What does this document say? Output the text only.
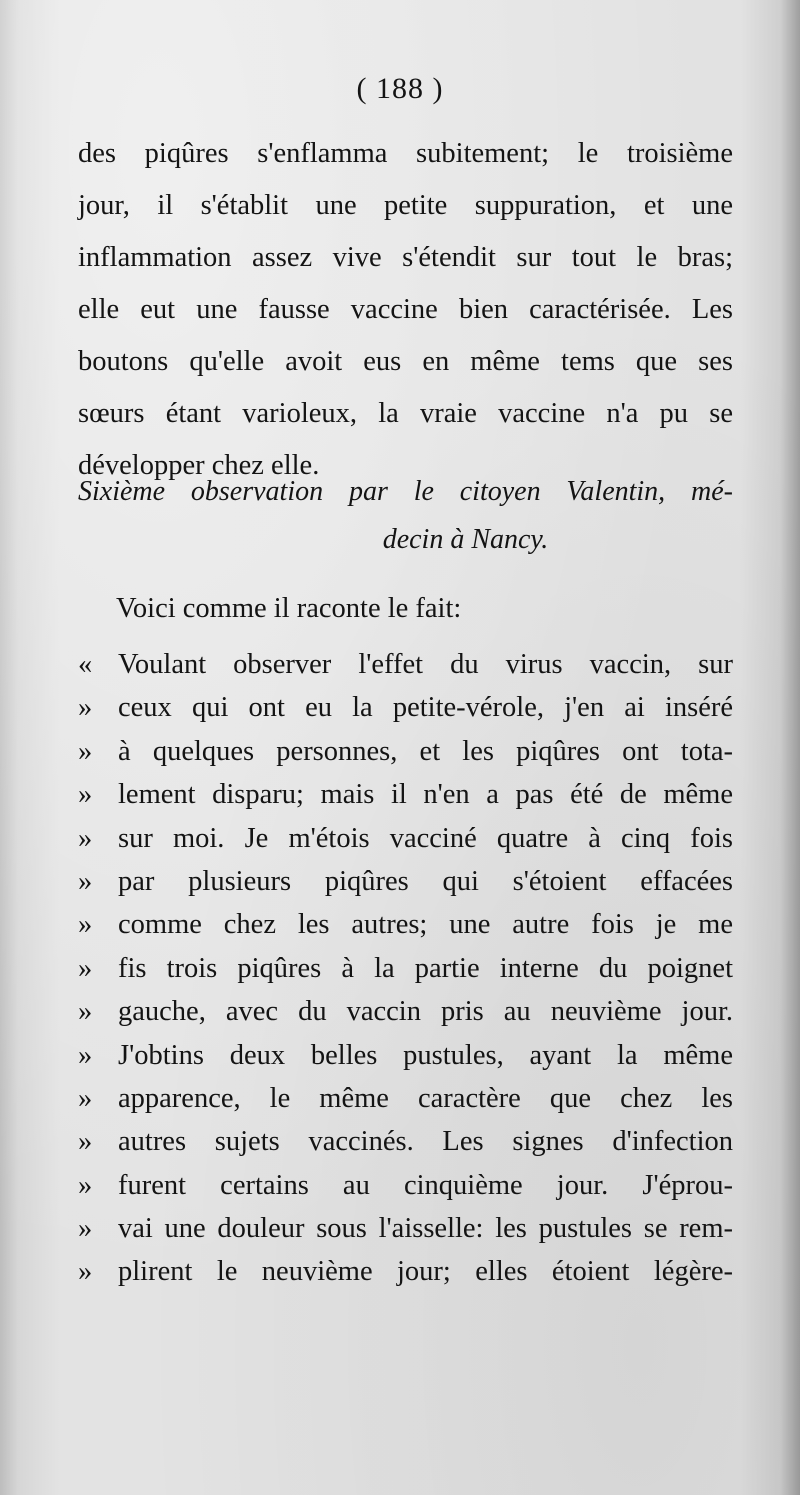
( 188 )
des piqûres s'enflamma subitement; le troisième
jour, il s'établit une petite suppuration, et une
inflammation assez vive s'étendit sur tout le bras;
elle eut une fausse vaccine bien caractérisée. Les
boutons qu'elle avoit eus en même tems que ses
sœurs étant varioleux, la vraie vaccine n'a pu se
développer chez elle.
Sixième observation par le citoyen Valentin, mé-
decin à Nancy.
Voici comme il raconte le fait:
« Voulant observer l'effet du virus vaccin, sur
» ceux qui ont eu la petite-vérole, j'en ai inséré
» à quelques personnes, et les piqûres ont tota-
» lement disparu; mais il n'en a pas été de même
» sur moi. Je m'étois vacciné quatre à cinq fois
» par plusieurs piqûres qui s'étoient effacées
» comme chez les autres; une autre fois je me
» fis trois piqûres à la partie interne du poignet
» gauche, avec du vaccin pris au neuvième jour.
» J'obtins deux belles pustules, ayant la même
» apparence, le même caractère que chez les
» autres sujets vaccinés. Les signes d'infection
» furent certains au cinquième jour. J'éprou-
» vai une douleur sous l'aisselle: les pustules se rem-
» plirent le neuvième jour; elles étoient légère-
